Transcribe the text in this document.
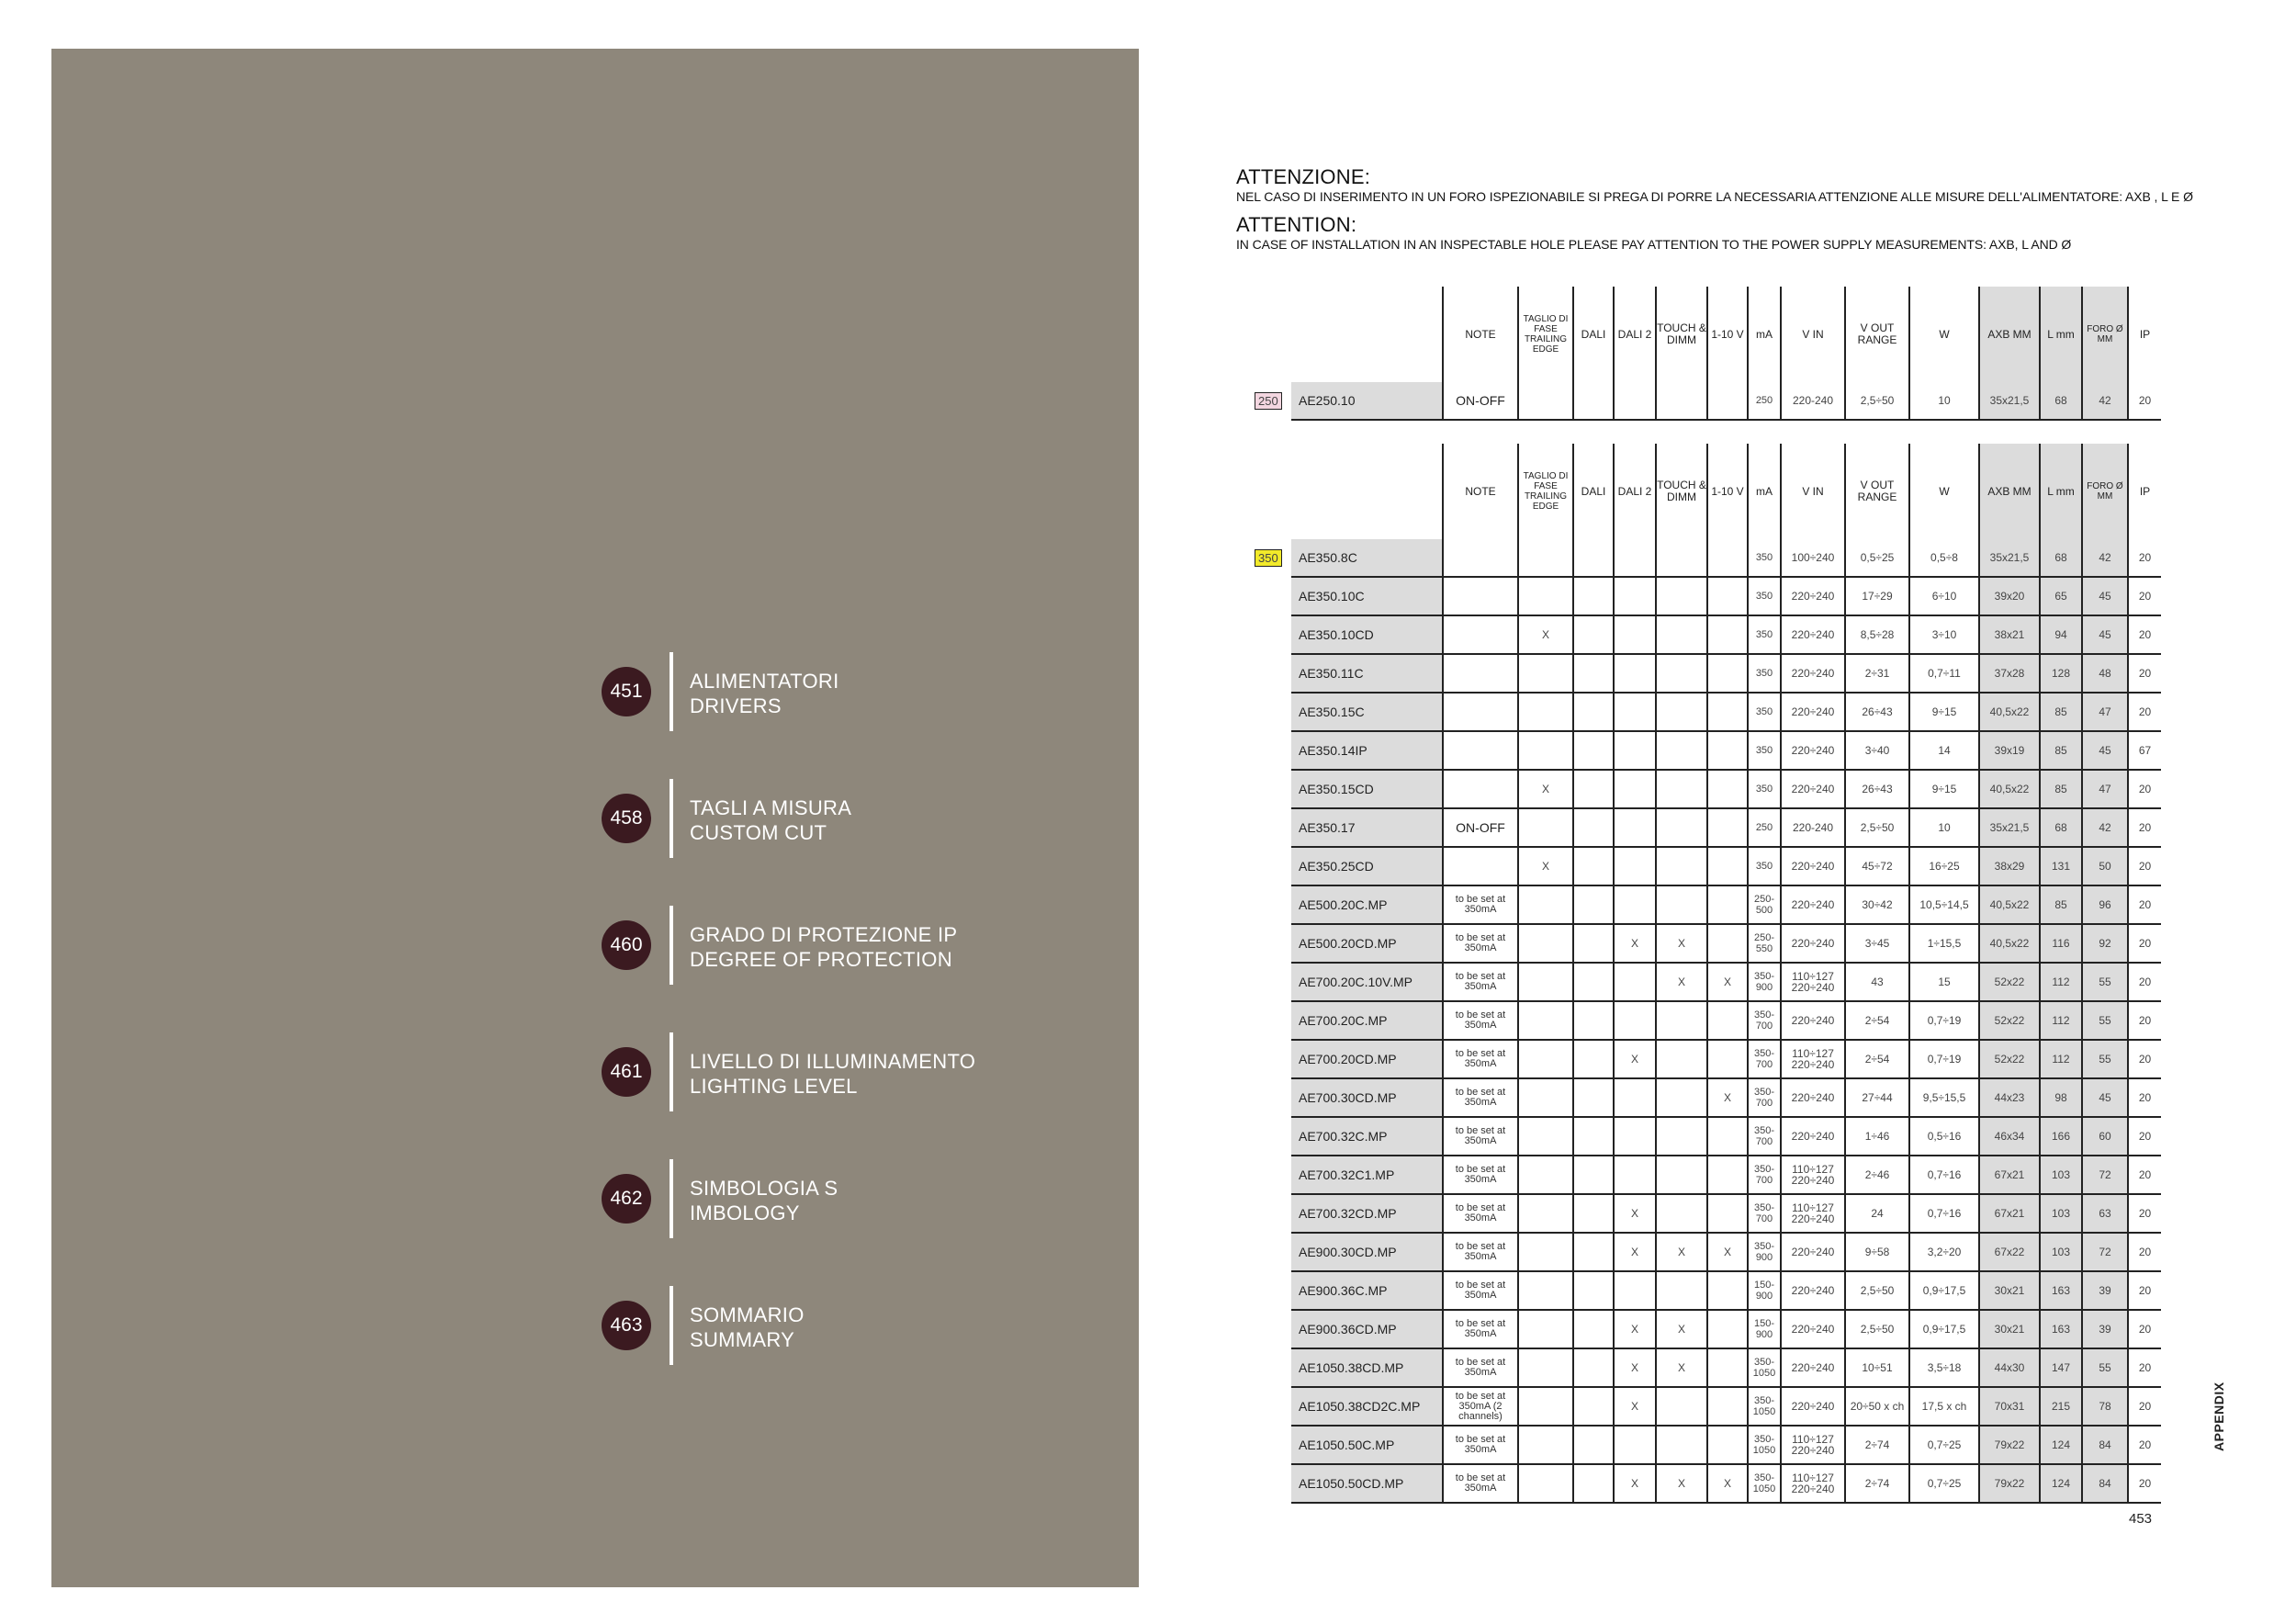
451	ALIMENTATORI
DRIVERS
458	TAGLI A MISURA
CUSTOM CUT
460	GRADO DI PROTEZIONE IP
DEGREE OF PROTECTION
461	LIVELLO DI ILLUMINAMENTO
LIGHTING LEVEL
462	SIMBOLOGIA S
IMBOLOGY
463	SOMMARIO
SUMMARY
ATTENZIONE:
NEL CASO DI INSERIMENTO IN UN FORO ISPEZIONABILE SI PREGA DI PORRE LA NECESSARIA ATTENZIONE ALLE MISURE DELL'ALIMENTATORE: AXB , L E Ø
ATTENTION:
IN CASE OF INSTALLATION IN AN INSPECTABLE HOLE PLEASE PAY ATTENTION TO THE POWER SUPPLY MEASUREMENTS: AXB, L AND Ø
		NOTE	TAGLIO DI FASE TRAILING EDGE	DALI	DALI 2	TOUCH & DIMM	1-10 V	mA	V IN	V OUT RANGE	W	AXB MM	L mm	FORO Ø MM	IP

250	AE250.10	ON-OFF						250	220-240	2,5÷50	10	35x21,5	68	42	20
		NOTE	TAGLIO DI FASE TRAILING EDGE	DALI	DALI 2	TOUCH & DIMM	1-10 V	mA	V IN	V OUT RANGE	W	AXB MM	L mm	FORO Ø MM	IP

350	AE350.8C							350	100÷240	0,5÷25	0,5÷8	35x21,5	68	42	20
	AE350.10C							350	220÷240	17÷29	6÷10	39x20	65	45	20
	AE350.10CD		X					350	220÷240	8,5÷28	3÷10	38x21	94	45	20
	AE350.11C							350	220÷240	2÷31	0,7÷11	37x28	128	48	20
	AE350.15C							350	220÷240	26÷43	9÷15	40,5x22	85	47	20
	AE350.14IP							350	220÷240	3÷40	14	39x19	85	45	67
	AE350.15CD		X					350	220÷240	26÷43	9÷15	40,5x22	85	47	20
	AE350.17	ON-OFF						250	220-240	2,5÷50	10	35x21,5	68	42	20
	AE350.25CD		X					350	220÷240	45÷72	16÷25	38x29	131	50	20
	AE500.20C.MP	to be set at 350mA						250- 500	220÷240	30÷42	10,5÷14,5	40,5x22	85	96	20
	AE500.20CD.MP	to be set at 350mA			X	X		250- 550	220÷240	3÷45	1÷15,5	40,5x22	116	92	20
	AE700.20C.10V.MP	to be set at 350mA				X	X	350- 900	110÷127 220÷240	43	15	52x22	112	55	20
	AE700.20C.MP	to be set at 350mA						350- 700	220÷240	2÷54	0,7÷19	52x22	112	55	20
	AE700.20CD.MP	to be set at 350mA			X			350- 700	110÷127 220÷240	2÷54	0,7÷19	52x22	112	55	20
	AE700.30CD.MP	to be set at 350mA					X	350- 700	220÷240	27÷44	9,5÷15,5	44x23	98	45	20
	AE700.32C.MP	to be set at 350mA						350- 700	220÷240	1÷46	0,5÷16	46x34	166	60	20
	AE700.32C1.MP	to be set at 350mA						350- 700	110÷127 220÷240	2÷46	0,7÷16	67x21	103	72	20
	AE700.32CD.MP	to be set at 350mA			X			350- 700	110÷127 220÷240	24	0,7÷16	67x21	103	63	20
	AE900.30CD.MP	to be set at 350mA			X	X	X	350- 900	220÷240	9÷58	3,2÷20	67x22	103	72	20
	AE900.36C.MP	to be set at 350mA						150- 900	220÷240	2,5÷50	0,9÷17,5	30x21	163	39	20
	AE900.36CD.MP	to be set at 350mA			X	X		150- 900	220÷240	2,5÷50	0,9÷17,5	30x21	163	39	20
	AE1050.38CD.MP	to be set at 350mA			X	X		350- 1050	220÷240	10÷51	3,5÷18	44x30	147	55	20
	AE1050.38CD2C.MP	to be set at 350mA (2 channels)			X			350- 1050	220÷240	20÷50 x ch	17,5 x ch	70x31	215	78	20
	AE1050.50C.MP	to be set at 350mA						350- 1050	110÷127 220÷240	2÷74	0,7÷25	79x22	124	84	20
	AE1050.50CD.MP	to be set at 350mA			X	X	X	350- 1050	110÷127 220÷240	2÷74	0,7÷25	79x22	124	84	20
453
APPENDIX
